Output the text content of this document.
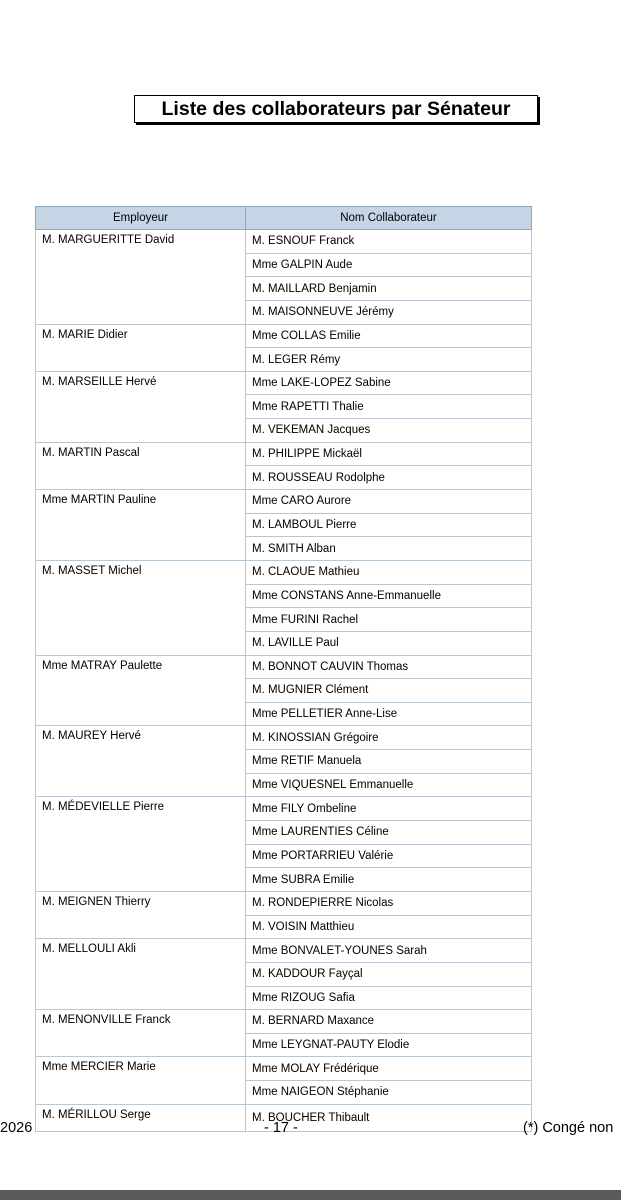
Liste des collaborateurs par Sénateur
Employeur	Nom Collaborateur
M. MARGUERITTE David	M. ESNOUF Franck
	Mme GALPIN Aude
	M. MAILLARD Benjamin
	M. MAISONNEUVE Jérémy
M. MARIE Didier	Mme COLLAS Emilie
	M. LEGER Rémy
M. MARSEILLE Hervé	Mme LAKE-LOPEZ Sabine
	Mme RAPETTI Thalie
	M. VEKEMAN Jacques
M. MARTIN Pascal	M. PHILIPPE Mickaël
	M. ROUSSEAU Rodolphe
Mme MARTIN Pauline	Mme CARO Aurore
	M. LAMBOUL Pierre
	M. SMITH Alban
M. MASSET Michel	M. CLAOUE Mathieu
	Mme CONSTANS Anne-Emmanuelle
	Mme FURINI Rachel
	M. LAVILLE Paul
Mme MATRAY Paulette	M. BONNOT CAUVIN Thomas
	M. MUGNIER Clément
	Mme PELLETIER Anne-Lise
M. MAUREY Hervé	M. KINOSSIAN Grégoire
	Mme RETIF Manuela
	Mme VIQUESNEL Emmanuelle
M. MÉDEVIELLE Pierre	Mme FILY Ombeline
	Mme LAURENTIES Céline
	Mme PORTARRIEU Valérie
	Mme SUBRA Emilie
M. MEIGNEN Thierry	M. RONDEPIERRE Nicolas
	M. VOISIN Matthieu
M. MELLOULI Akli	Mme BONVALET-YOUNES Sarah
	M. KADDOUR Fayçal
	Mme RIZOUG Safia
M. MENONVILLE Franck	M. BERNARD Maxance
	Mme LEYGNAT-PAUTY Elodie
Mme MERCIER Marie	Mme MOLAY Frédérique
	Mme NAIGEON Stéphanie
M. MÉRILLOU Serge	M. BOUCHER Thibault
2026	- 17 -	(*) Congé non
